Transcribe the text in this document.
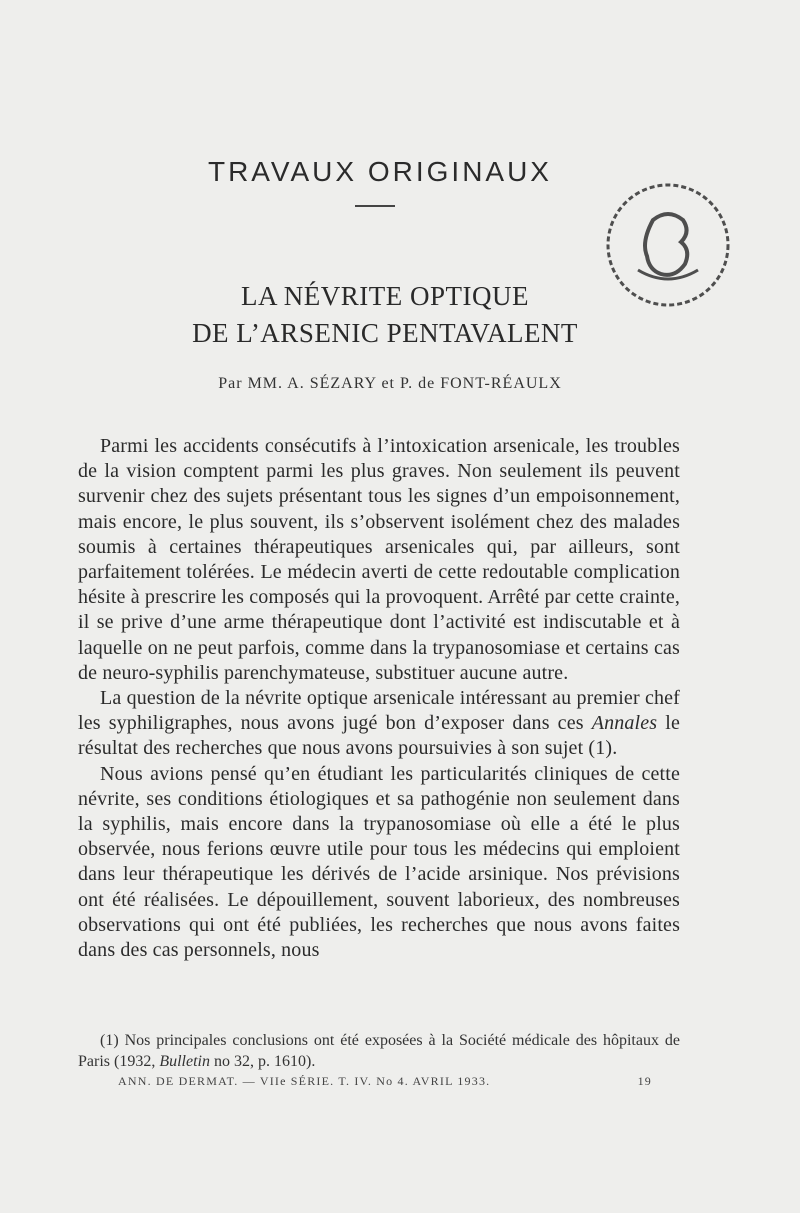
TRAVAUX ORIGINAUX
LA NÉVRITE OPTIQUE
DE L’ARSENIC PENTAVALENT
Par MM. A. SÉZARY et P. de FONT-RÉAULX

Parmi les accidents consécutifs à l’intoxication arsenicale, les troubles de la vision comptent parmi les plus graves. Non seulement ils peuvent survenir chez des sujets présentant tous les signes d’un empoisonnement, mais encore, le plus souvent, ils s’observent isolément chez des malades soumis à certaines thérapeutiques arsenicales qui, par ailleurs, sont parfaitement tolérées. Le médecin averti de cette redoutable complication hésite à prescrire les composés qui la provoquent. Arrêté par cette crainte, il se prive d’une arme thérapeutique dont l’activité est indiscutable et à laquelle on ne peut parfois, comme dans la trypanosomiase et certains cas de neuro-syphilis parenchymateuse, substituer aucune autre.

La question de la névrite optique arsenicale intéressant au premier chef les syphiligraphes, nous avons jugé bon d’exposer dans ces Annales le résultat des recherches que nous avons poursuivies à son sujet (1).

Nous avions pensé qu’en étudiant les particularités cliniques de cette névrite, ses conditions étiologiques et sa pathogénie non seulement dans la syphilis, mais encore dans la trypanosomiase où elle a été le plus observée, nous ferions œuvre utile pour tous les médecins qui emploient dans leur thérapeutique les dérivés de l’acide arsinique. Nos prévisions ont été réalisées. Le dépouillement, souvent laborieux, des nombreuses observations qui ont été publiées, les recherches que nous avons faites dans des cas personnels, nous

(1) Nos principales conclusions ont été exposées à la Société médicale des hôpitaux de Paris (1932, Bulletin no 32, p. 1610).

ANN. DE DERMAT. — VIIe SÉRIE. T. IV. No 4. AVRIL 1933.	19
